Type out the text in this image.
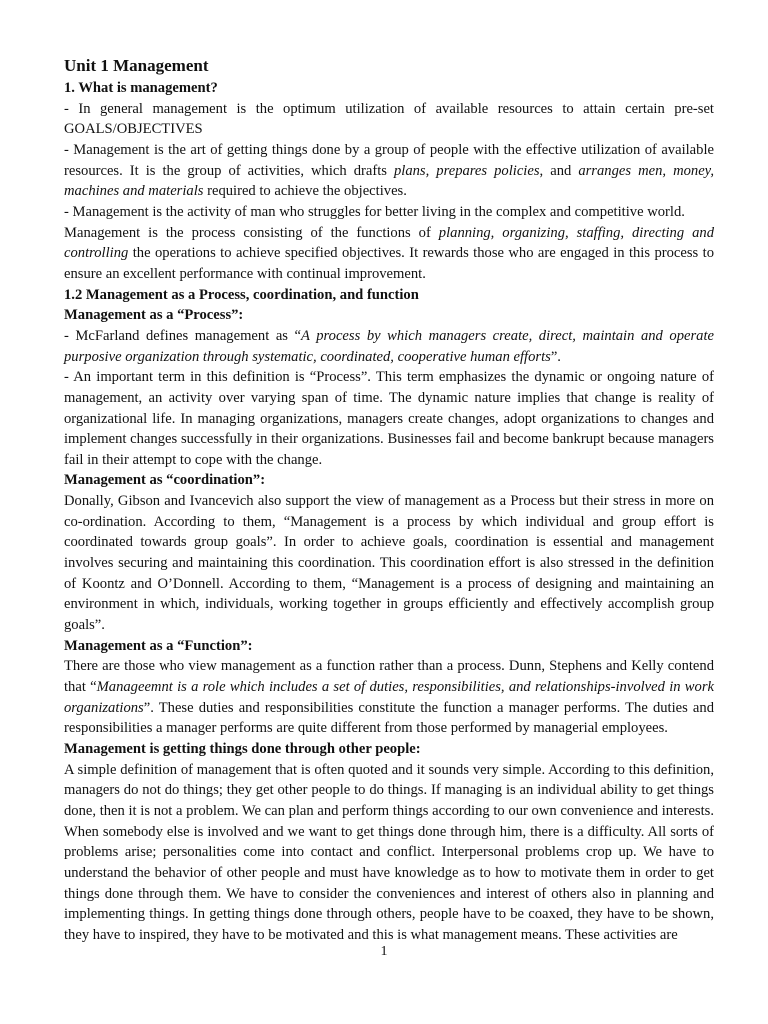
Unit 1 Management

1. What is management?

- In general management is the optimum utilization of available resources to attain certain pre-set GOALS/OBJECTIVES

- Management is the art of getting things done by a group of people with the effective utilization of available resources. It is the group of activities, which drafts plans, prepares policies, and arranges men, money, machines and materials required to achieve the objectives.

- Management is the activity of man who struggles for better living in the complex and competitive world.

Management is the process consisting of the functions of planning, organizing, staffing, directing and controlling the operations to achieve specified objectives. It rewards those who are engaged in this process to ensure an excellent performance with continual improvement.

1.2 Management as a Process, coordination, and function

Management as a “Process”:

- McFarland defines management as “A process by which managers create, direct, maintain and operate purposive organization through systematic, coordinated, cooperative human efforts”.

- An important term in this definition is “Process”. This term emphasizes the dynamic or ongoing nature of management, an activity over varying span of time. The dynamic nature implies that change is reality of organizational life. In managing organizations, managers create changes, adopt organizations to changes and implement changes successfully in their organizations. Businesses fail and become bankrupt because managers fail in their attempt to cope with the change.

Management as “coordination”:

Donally, Gibson and Ivancevich also support the view of management as a Process but their stress in more on co-ordination. According to them, “Management is a process by which individual and group effort is coordinated towards group goals”. In order to achieve goals, coordination is essential and management involves securing and maintaining this coordination. This coordination effort is also stressed in the definition of Koontz and O’Donnell. According to them, “Management is a process of designing and maintaining an environment in which, individuals, working together in groups efficiently and effectively accomplish group goals”.

Management as a “Function”:

There are those who view management as a function rather than a process. Dunn, Stephens and Kelly contend that “Manageemnt is a role which includes a set of duties, responsibilities, and relationships-involved in work organizations”. These duties and responsibilities constitute the function a manager performs. The duties and responsibilities a manager performs are quite different from those performed by managerial employees.

Management is getting things done through other people:

A simple definition of management that is often quoted and it sounds very simple. According to this definition, managers do not do things; they get other people to do things. If managing is an individual ability to get things done, then it is not a problem. We can plan and perform things according to our own convenience and interests. When somebody else is involved and we want to get things done through him, there is a difficulty. All sorts of problems arise; personalities come into contact and conflict. Interpersonal problems crop up. We have to understand the behavior of other people and must have knowledge as to how to motivate them in order to get things done through them. We have to consider the conveniences and interest of others also in planning and implementing things. In getting things done through others, people have to be coaxed, they have to be shown, they have to inspired, they have to be motivated and this is what management means. These activities are

1
